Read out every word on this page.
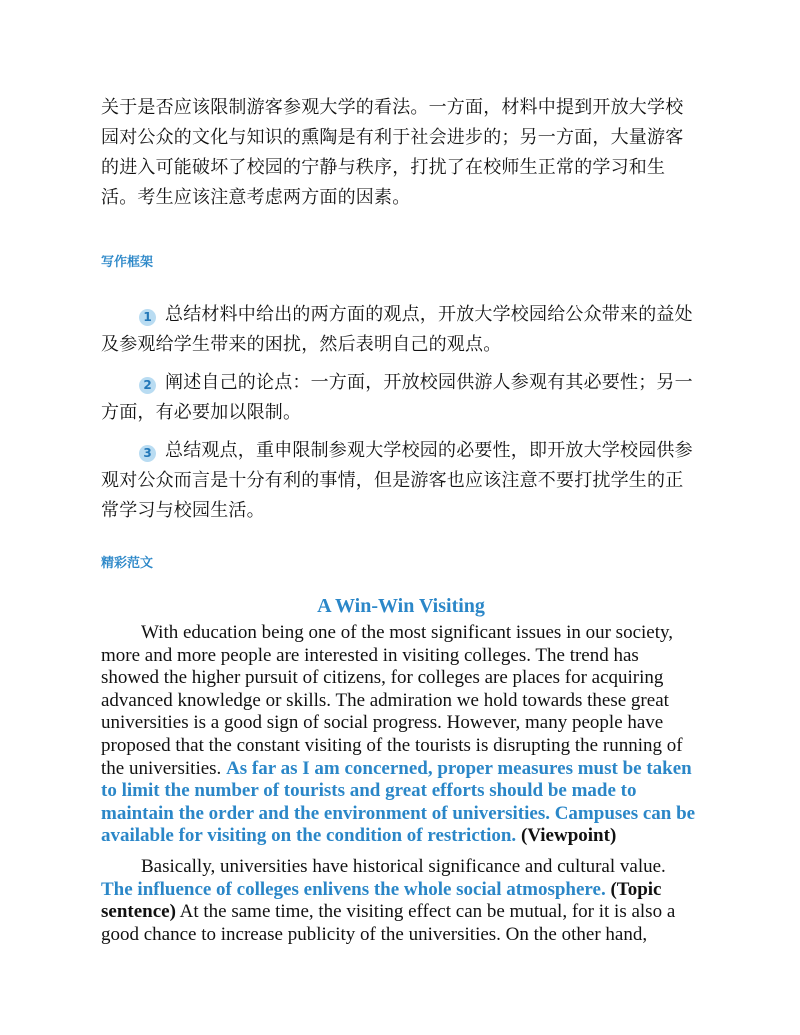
关于是否应该限制游客参观大学的看法。一方面，材料中提到开放大学校园对公众的文化与知识的熏陶是有利于社会进步的；另一方面，大量游客的进入可能破坏了校园的宁静与秩序，打扰了在校师生正常的学习和生活。考生应该注意考虑两方面的因素。

写作框架

1 总结材料中给出的两方面的观点，开放大学校园给公众带来的益处及参观给学生带来的困扰，然后表明自己的观点。

2 阐述自己的论点：一方面，开放校园供游人参观有其必要性；另一方面，有必要加以限制。

3 总结观点，重申限制参观大学校园的必要性，即开放大学校园供参观对公众而言是十分有利的事情，但是游客也应该注意不要打扰学生的正常学习与校园生活。

精彩范文

A Win-Win Visiting

With education being one of the most significant issues in our society, more and more people are interested in visiting colleges. The trend has showed the higher pursuit of citizens, for colleges are places for acquiring advanced knowledge or skills. The admiration we hold towards these great universities is a good sign of social progress. However, many people have proposed that the constant visiting of the tourists is disrupting the running of the universities. As far as I am concerned, proper measures must be taken to limit the number of tourists and great efforts should be made to maintain the order and the environment of universities. Campuses can be available for visiting on the condition of restriction. (Viewpoint)

Basically, universities have historical significance and cultural value. The influence of colleges enlivens the whole social atmosphere. (Topic sentence) At the same time, the visiting effect can be mutual, for it is also a good chance to increase publicity of the universities. On the other hand,
